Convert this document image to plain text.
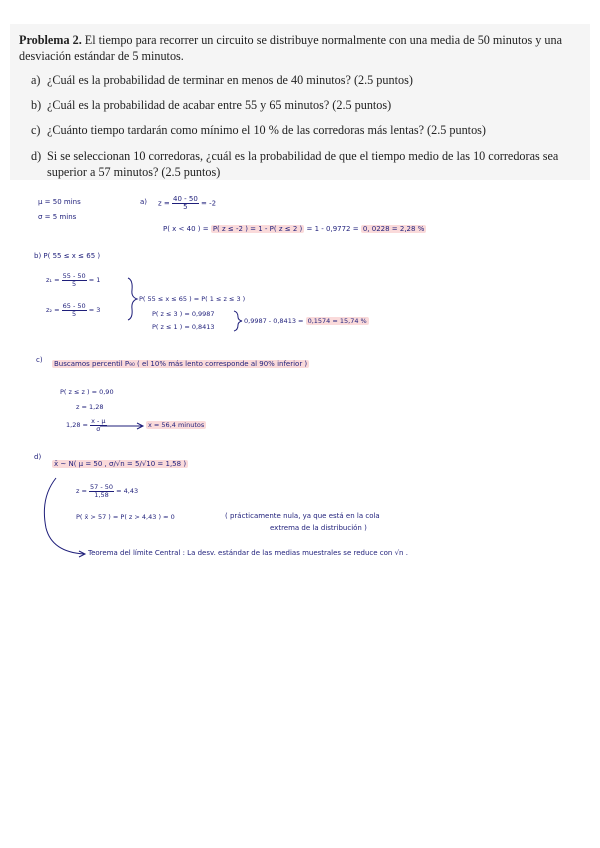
Problema 2. El tiempo para recorrer un circuito se distribuye normalmente con una media de 50 minutos y una desviación estándar de 5 minutos.
a) ¿Cuál es la probabilidad de terminar en menos de 40 minutos? (2.5 puntos)
b) ¿Cuál es la probabilidad de acabar entre 55 y 65 minutos? (2.5 puntos)
c) ¿Cuánto tiempo tardarán como mínimo el 10 % de las corredoras más lentas? (2.5 puntos)
d) Si se seleccionan 10 corredoras, ¿cuál es la probabilidad de que el tiempo medio de las 10 corredoras sea superior a 57 minutos? (2.5 puntos)
μ = 50 mins
σ = 5 mins
a) $z = \frac{40 - 50}{5} = -2$
P( x < 40 ) = P( z ≤ -2 ) = 1 - P( z ≤ 2 ) = 1 - 0,9772 = 0, 0228 = 2,28 %
b) P( 55 ≤ x ≤ 65 )
$z_1 = \frac{55 - 50}{5} = 1$
$z_2 = \frac{65 - 50}{5} = 3$
P( 55 ≤ x ≤ 65 ) = P( 1 ≤ z ≤ 3 )
P( z ≤ 3 ) = 0,9987
P( z ≤ 1 ) = 0,8413
0,9987 - 0,8413 = 0,1574 = 15,74 %
c) Buscamos percentil P₉₀ ( el 10% más lento corresponde al 90% inferior )
P( z ≤ z ) = 0,90
z = 1,28
$1,28 = \frac{x - \mu}{\sigma}$	x = 56,4 minutos
d)
x̄ ~ N( μ = 50 , σ/√n = 5/√10 = 1,58 )
$z = \frac{57 - 50}{1,58} = 4,43$
P( x̄ > 57 ) = P( z > 4,43 ) ≈ 0	( prácticamente nula, ya que está en la cola
extrema de la distribución )
Teorema del límite Central : La desv. estándar de las medias muestrales se reduce con √n .
